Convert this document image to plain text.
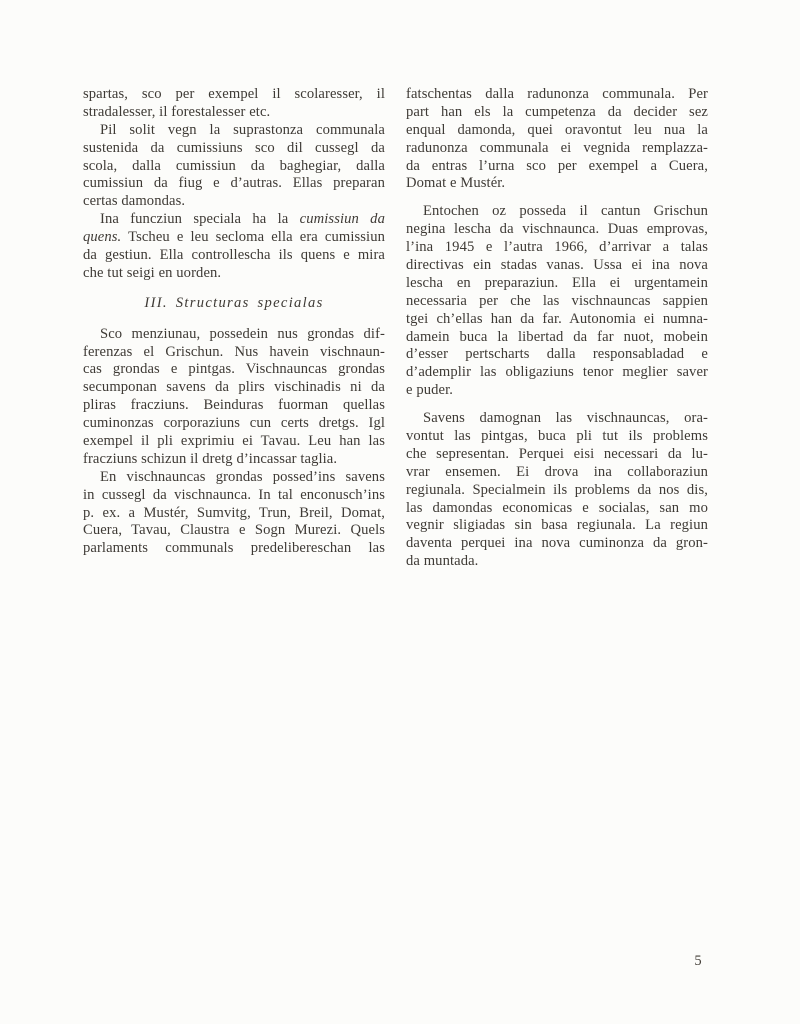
spartas, sco per exempel il scolaresser, il
stradalesser, il forestalesser etc.
Pil solit vegn la suprastonza communala
sustenida da cumissiuns sco dil cussegl da
scola, dalla cumissiun da baghegiar, dalla
cumissiun da fiug e d’autras. Ellas preparan
certas damondas.
Ina funcziun speciala ha la cumissiun da
quens. Tscheu e leu secloma ella era cumissiun
da gestiun. Ella controllescha ils quens e mira
che tut seigi en uorden.
III. Structuras specialas
Sco menziunau, possedein nus grondas dif-
ferenzas el Grischun. Nus havein vischnaun-
cas grondas e pintgas. Vischnauncas grondas
secumponan savens da plirs vischinadis ni da
pliras fracziuns. Beinduras fuorman quellas
cuminonzas corporaziuns cun certs dretgs. Igl
exempel il pli exprimiu ei Tavau. Leu han las
fracziuns schizun il dretg d’incassar taglia.
En vischnauncas grondas possed’ins savens
in cussegl da vischnaunca. In tal enconusch’ins
p. ex. a Mustér, Sumvitg, Trun, Breil, Domat,
Cuera, Tavau, Claustra e Sogn Murezi. Quels
parlaments communals predelibereschan las
fatschentas dalla radunonza communala. Per
part han els la cumpetenza da decider sez
enqual damonda, quei oravontut leu nua la
radunonza communala ei vegnida remplazza-
da entras l’urna sco per exempel a Cuera,
Domat e Mustér.
Entochen oz posseda il cantun Grischun
negina lescha da vischnaunca. Duas emprovas,
l’ina 1945 e l’autra 1966, d’arrivar a talas
directivas ein stadas vanas. Ussa ei ina nova
lescha en preparaziun. Ella ei urgentamein
necessaria per che las vischnauncas sappien
tgei ch’ellas han da far. Autonomia ei numna-
damein buca la libertad da far nuot, mobein
d’esser pertscharts dalla responsabladad e
d’ademplir las obligaziuns tenor meglier saver
e puder.
Savens damognan las vischnauncas, ora-
vontut las pintgas, buca pli tut ils problems
che sepresentan. Perquei eisi necessari da lu-
vrar ensemen. Ei drova ina collaboraziun
regiunala. Specialmein ils problems da nos dis,
las damondas economicas e socialas, san mo
vegnir sligiadas sin basa regiunala. La regiun
daventa perquei ina nova cuminonza da gron-
da muntada.
5
